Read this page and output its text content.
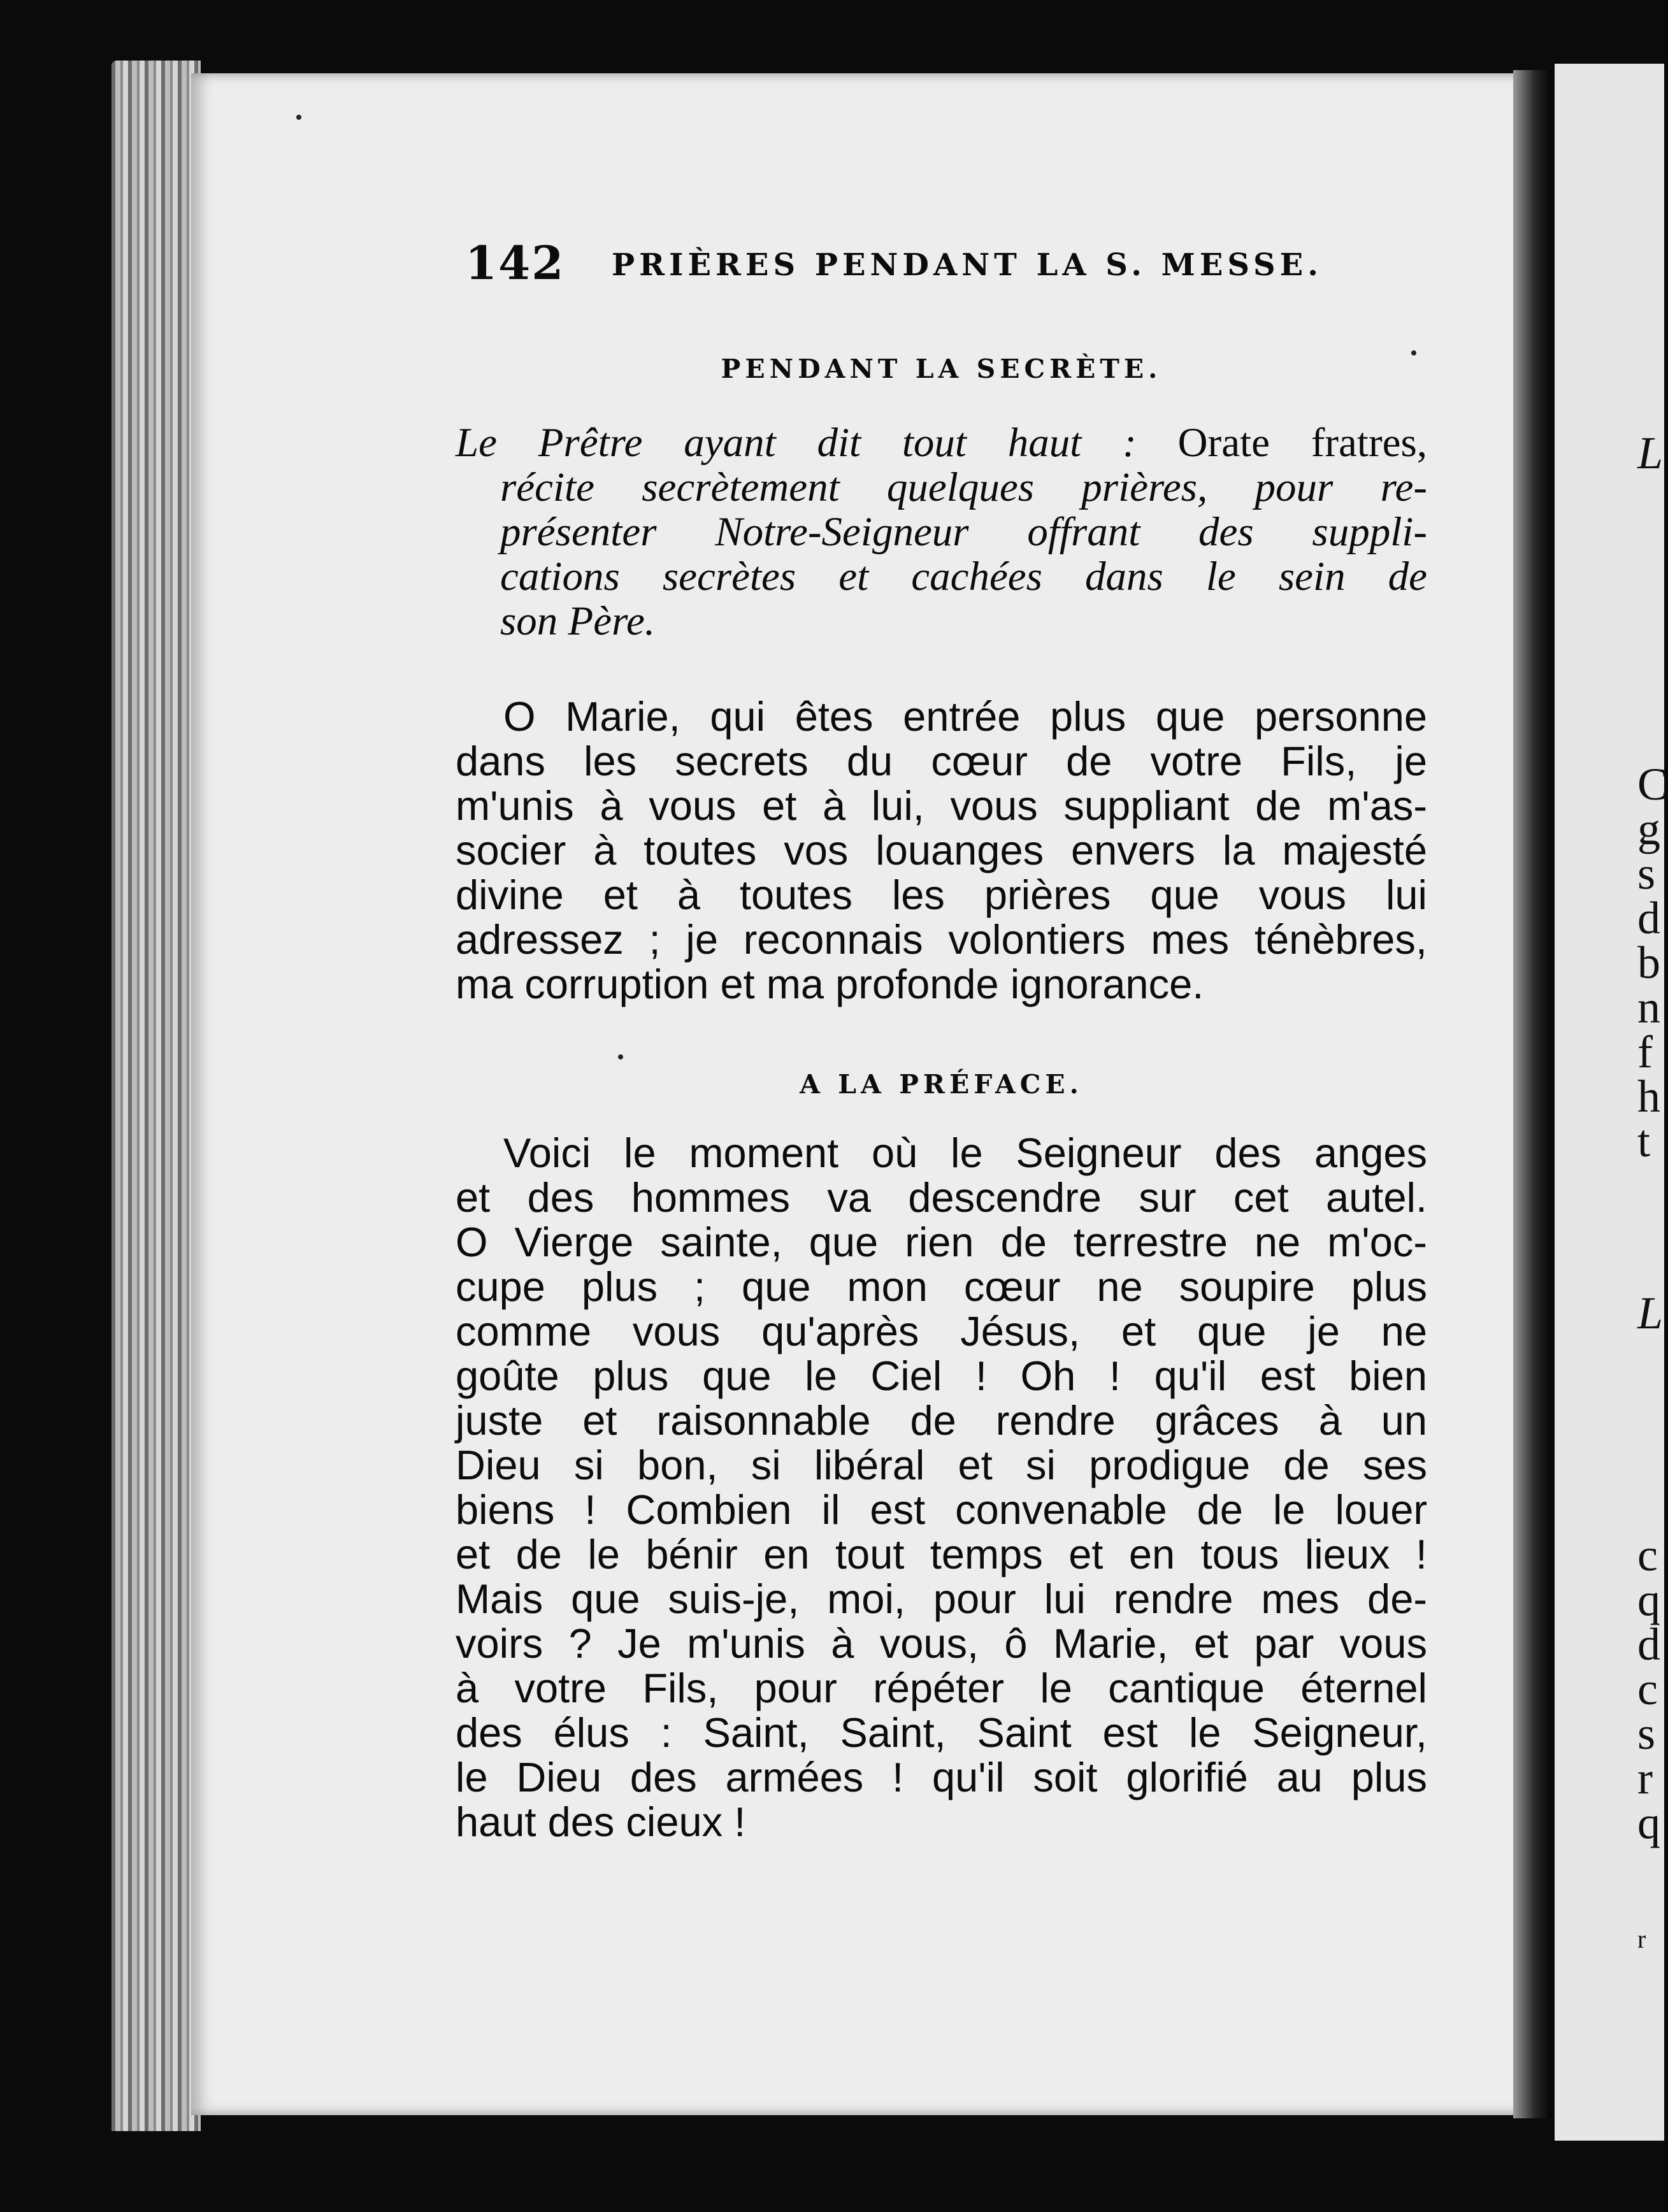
L
C
g
s
d
b
n
f
h
t
L
c
q
d
c
s
r
q
r
142 PRIÈRES PENDANT LA S. MESSE.
PENDANT LA SECRÈTE.
Le Prêtre ayant dit tout haut : Orate fratres,
récite secrètement quelques prières, pour re-
présenter Notre-Seigneur offrant des suppli-
cations secrètes et cachées dans le sein de
son Père.
O Marie, qui êtes entrée plus que personne
dans les secrets du cœur de votre Fils, je
m'unis à vous et à lui, vous suppliant de m'as-
socier à toutes vos louanges envers la majesté
divine et à toutes les prières que vous lui
adressez ; je reconnais volontiers mes ténèbres,
ma corruption et ma profonde ignorance.
A LA PRÉFACE.
Voici le moment où le Seigneur des anges
et des hommes va descendre sur cet autel.
O Vierge sainte, que rien de terrestre ne m'oc-
cupe plus ; que mon cœur ne soupire plus
comme vous qu'après Jésus, et que je ne
goûte plus que le Ciel ! Oh ! qu'il est bien
juste et raisonnable de rendre grâces à un
Dieu si bon, si libéral et si prodigue de ses
biens ! Combien il est convenable de le louer
et de le bénir en tout temps et en tous lieux !
Mais que suis-je, moi, pour lui rendre mes de-
voirs ? Je m'unis à vous, ô Marie, et par vous
à votre Fils, pour répéter le cantique éternel
des élus : Saint, Saint, Saint est le Seigneur,
le Dieu des armées ! qu'il soit glorifié au plus
haut des cieux !
